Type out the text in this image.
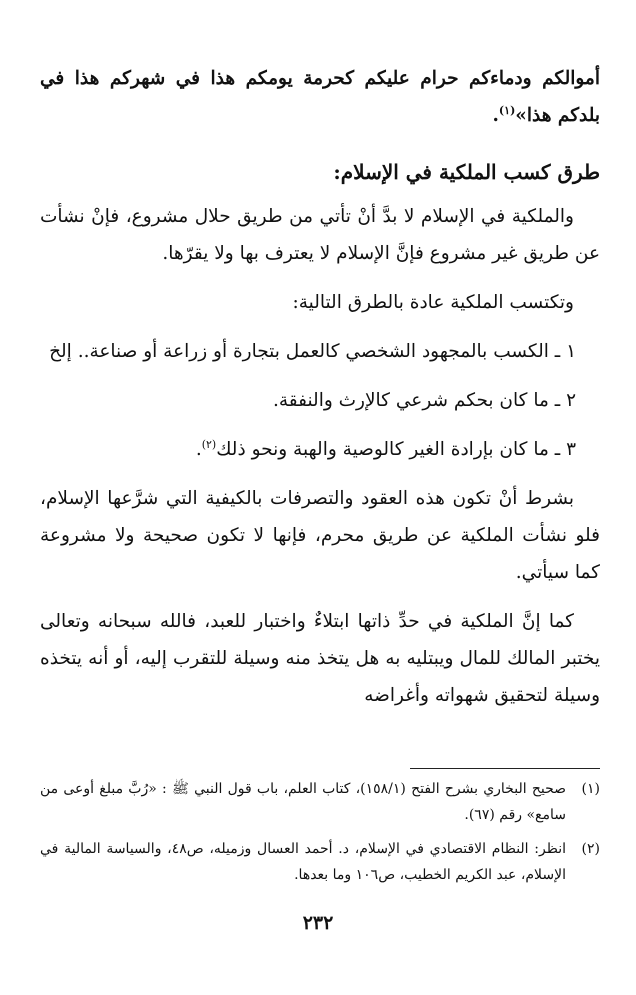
أموالكم ودماءكم حرام عليكم كحرمة يومكم هذا في شهركم هذا في بلدكم هذا»$^{(١)}$.

طرق كسب الملكية في الإسلام:

والملكية في الإسلام لا بدَّ أنْ تأتي من طريق حلال مشروع، فإنْ نشأت عن طريق غير مشروع فإنَّ الإسلام لا يعترف بها ولا يقرّها.

وتكتسب الملكية عادة بالطرق التالية:

١ ـ الكسب بالمجهود الشخصي كالعمل بتجارة أو زراعة أو صناعة.. إلخ

٢ ـ ما كان بحكم شرعي كالإرث والنفقة.

٣ ـ ما كان بإرادة الغير كالوصية والهبة ونحو ذلك$^{(٢)}$.

بشرط أنْ تكون هذه العقود والتصرفات بالكيفية التي شرَّعها الإسلام، فلو نشأت الملكية عن طريق محرم، فإنها لا تكون صحيحة ولا مشروعة كما سيأتي.

كما إنَّ الملكية في حدِّ ذاتها ابتلاءٌ واختبار للعبد، فالله سبحانه وتعالى يختبر المالك للمال ويبتليه به هل يتخذ منه وسيلة للتقرب إليه، أو أنه يتخذه وسيلة لتحقيق شهواته وأغراضه

(١)
صحيح البخاري بشرح الفتح (١٥٨/١)، كتاب العلم، باب قول النبي ﷺ : «رُبَّ مبلغ أوعى من سامع» رقم (٦٧).
(٢)
انظر: النظام الاقتصادي في الإسلام، د. أحمد العسال وزميله، ص٤٨، والسياسة المالية في الإسلام، عبد الكريم الخطيب، ص١٠٦ وما بعدها.
٢٣٢
